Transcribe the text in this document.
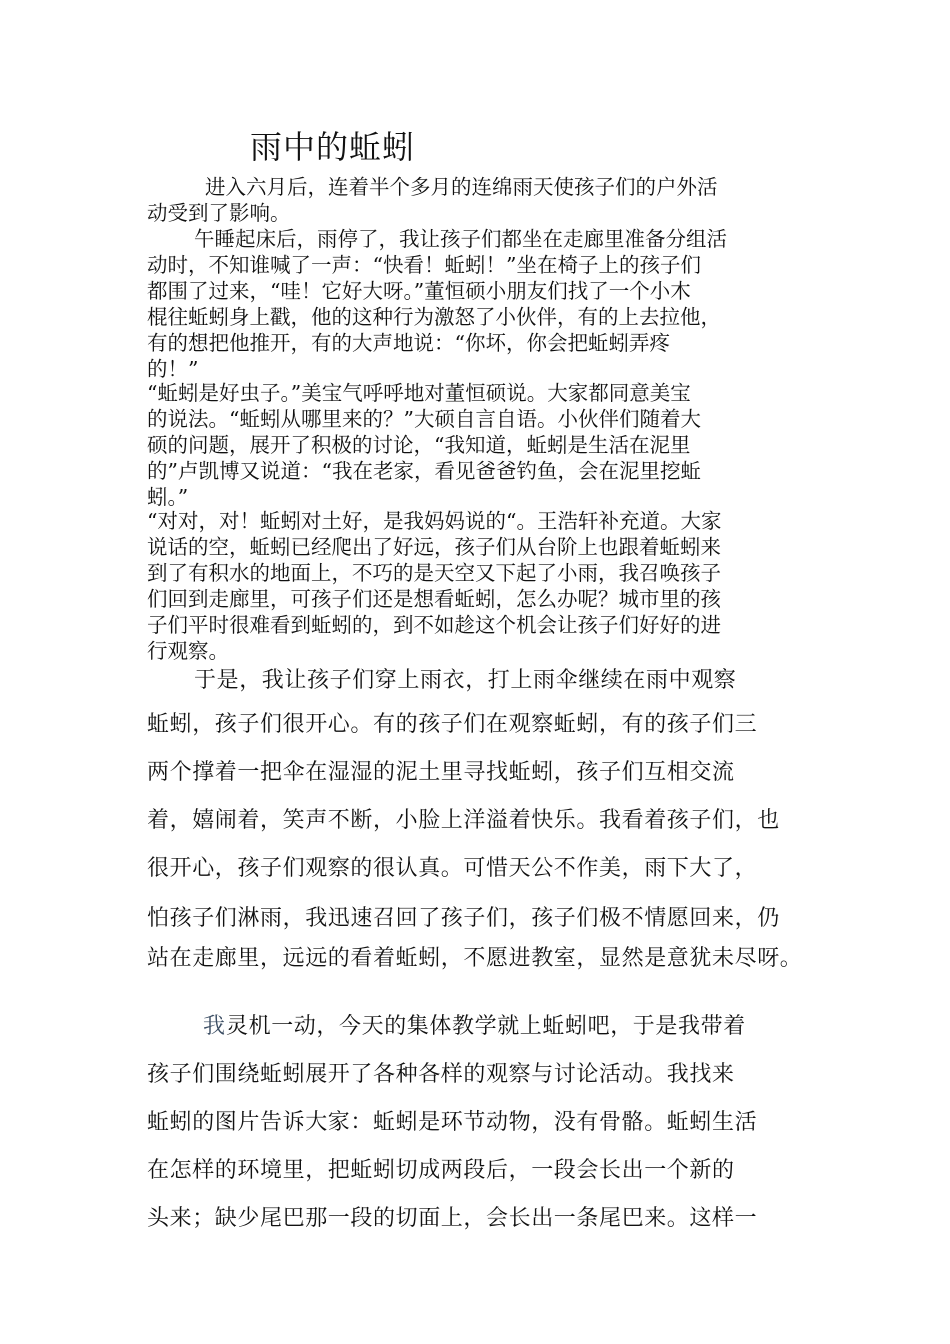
雨中的蚯蚓
进入六月后，连着半个多月的连绵雨天使孩子们的户外活
动受到了影响。
午睡起床后，雨停了，我让孩子们都坐在走廊里准备分组活
动时，不知谁喊了一声：“快看！蚯蚓！”坐在椅子上的孩子们
都围了过来，“哇！它好大呀。”董恒硕小朋友们找了一个小木
棍往蚯蚓身上戳，他的这种行为激怒了小伙伴，有的上去拉他，
有的想把他推开，有的大声地说：“你坏，你会把蚯蚓弄疼
的！”
“蚯蚓是好虫子。”美宝气呼呼地对董恒硕说。大家都同意美宝
的说法。“蚯蚓从哪里来的？”大硕自言自语。小伙伴们随着大
硕的问题，展开了积极的讨论，“我知道，蚯蚓是生活在泥里
的”卢凯博又说道：“我在老家，看见爸爸钓鱼，会在泥里挖蚯
蚓。”
“对对，对！蚯蚓对土好，是我妈妈说的“。王浩轩补充道。大家
说话的空，蚯蚓已经爬出了好远，孩子们从台阶上也跟着蚯蚓来
到了有积水的地面上，不巧的是天空又下起了小雨，我召唤孩子
们回到走廊里，可孩子们还是想看蚯蚓，怎么办呢？城市里的孩
子们平时很难看到蚯蚓的，到不如趁这个机会让孩子们好好的进
行观察。
于是，我让孩子们穿上雨衣，打上雨伞继续在雨中观察
蚯蚓，孩子们很开心。有的孩子们在观察蚯蚓，有的孩子们三
两个撑着一把伞在湿湿的泥土里寻找蚯蚓，孩子们互相交流
着，嬉闹着，笑声不断，小脸上洋溢着快乐。我看着孩子们，也
很开心，孩子们观察的很认真。可惜天公不作美，雨下大了，
怕孩子们淋雨，我迅速召回了孩子们，孩子们极不情愿回来，仍
站在走廊里，远远的看着蚯蚓，不愿进教室，显然是意犹未尽呀。
我 灵机一动，今天的集体教学就上蚯蚓吧，于是我带着
孩子们围绕蚯蚓展开了各种各样的观察与讨论活动。我找来
蚯蚓的图片告诉大家：蚯蚓是环节动物，没有骨骼。蚯蚓生活
在怎样的环境里，把蚯蚓切成两段后，一段会长出一个新的
头来；缺少尾巴那一段的切面上，会长出一条尾巴来。这样一
